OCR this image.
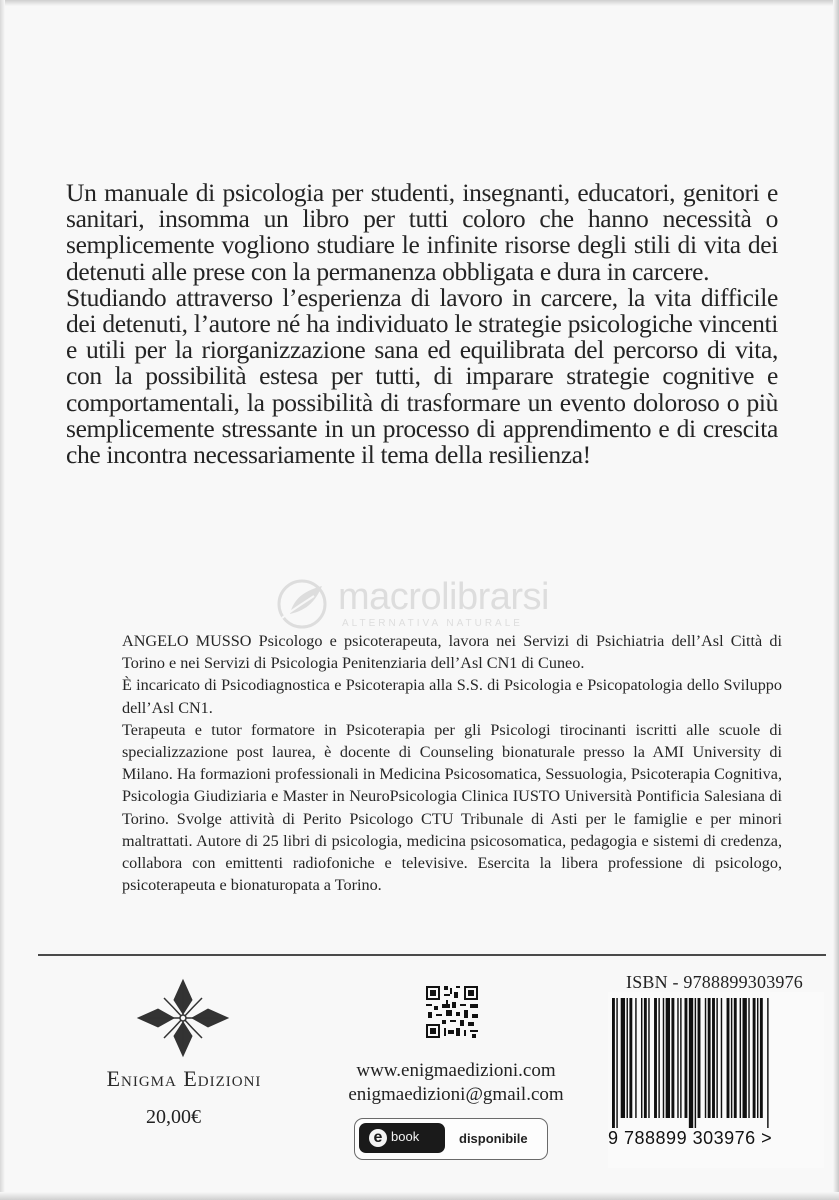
Un manuale di psicologia per studenti, insegnanti, educatori, genitori e sanitari, insomma un libro per tutti coloro che hanno necessità o semplicemente vogliono studiare le infinite risorse degli stili di vita dei detenuti alle prese con la permanenza obbligata e dura in carcere.

Studiando attraverso l’esperienza di lavoro in carcere, la vita difficile dei detenuti, l’autore né ha individuato le strategie psicologiche vincenti e utili per la riorganizzazione sana ed equilibrata del percorso di vita, con la possibilità estesa per tutti, di imparare strategie cognitive e comportamentali, la possibilità di trasformare un evento doloroso o più semplicemente stressante in un processo di apprendimento e di crescita che incontra necessariamente il tema della resilienza!

macrolibrarsi
ALTERNATIVA NATURALE

ANGELO MUSSO Psicologo e psicoterapeuta, lavora nei Servizi di Psichiatria dell’Asl Città di Torino e nei Servizi di Psicologia Penitenziaria dell’Asl CN1 di Cuneo.

È incaricato di Psicodiagnostica e Psicoterapia alla S.S. di Psicologia e Psicopatologia dello Sviluppo dell’Asl CN1.

Terapeuta e tutor formatore in Psicoterapia per gli Psicologi tirocinanti iscritti alle scuole di specializzazione post laurea, è docente di Counseling bionaturale presso la AMI University di Milano. Ha formazioni professionali in Medicina Psicosomatica, Sessuologia, Psicoterapia Cognitiva, Psicologia Giudiziaria e Master in NeuroPsicologia Clinica IUSTO Università Pontificia Salesiana di Torino. Svolge attività di Perito Psicologo CTU Tribunale di Asti per le famiglie e per minori maltrattati. Autore di 25 libri di psicologia, medicina psicosomatica, pedagogia e sistemi di credenza, collabora con emittenti radiofoniche e televisive. Esercita la libera professione di psicologo, psicoterapeuta e bionaturopata a Torino.

Enigma Edizioni
20,00€
www.enigmaedizioni.com
enigmaedizioni@gmail.com
e book	disponibile
ISBN - 9788899303976
9 788899 303976 >
